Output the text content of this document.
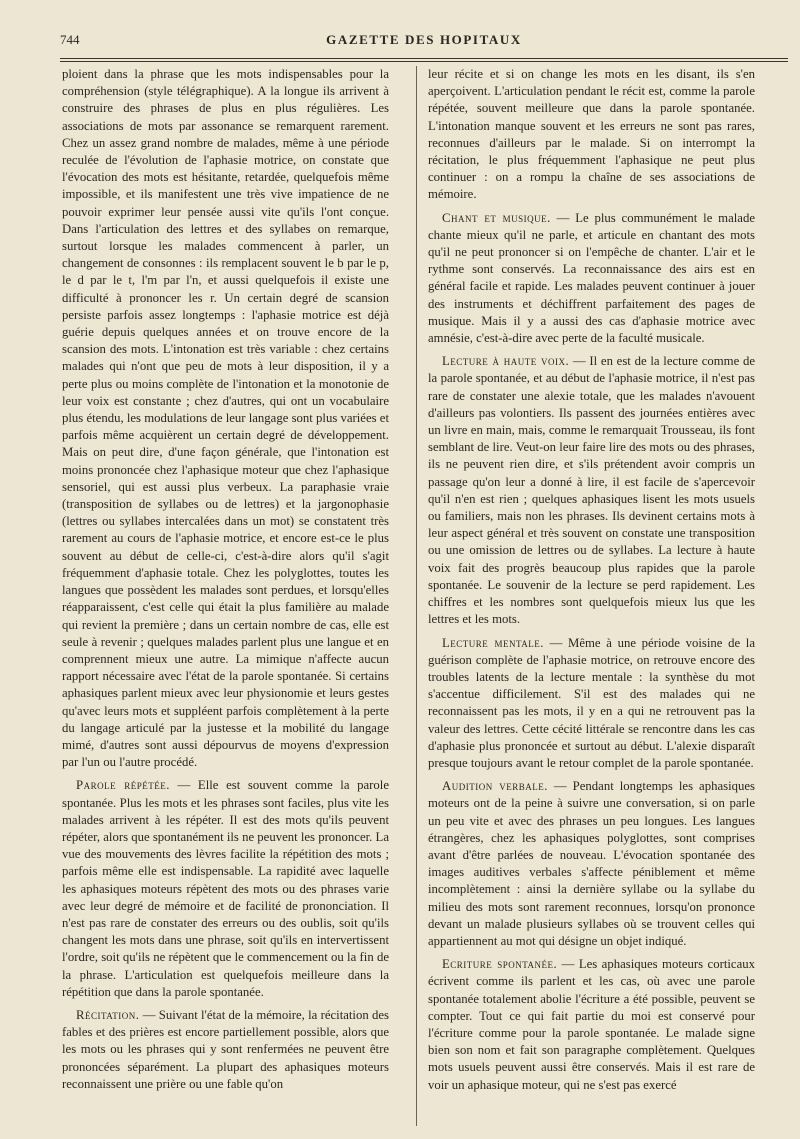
744	GAZETTE DES HOPITAUX

ploient dans la phrase que les mots indispensables pour la compréhension (style télégraphique). A la longue ils arrivent à construire des phrases de plus en plus régulières. Les associations de mots par assonance se remarquent rarement. Chez un assez grand nombre de malades, même à une période reculée de l'évolution de l'aphasie motrice, on constate que l'évocation des mots est hésitante, retardée, quelquefois même impossible, et ils manifestent une très vive impatience de ne pouvoir exprimer leur pensée aussi vite qu'ils l'ont conçue. Dans l'articulation des lettres et des syllabes on remarque, surtout lorsque les malades commencent à parler, un changement de consonnes : ils remplacent souvent le b par le p, le d par le t, l'm par l'n, et aussi quelquefois il existe une difficulté à prononcer les r. Un certain degré de scansion persiste parfois assez longtemps : l'aphasie motrice est déjà guérie depuis quelques années et on trouve encore de la scansion des mots. L'intonation est très variable : chez certains malades qui n'ont que peu de mots à leur disposition, il y a perte plus ou moins complète de l'intonation et la monotonie de leur voix est constante ; chez d'autres, qui ont un vocabulaire plus étendu, les modulations de leur langage sont plus variées et parfois même acquièrent un certain degré de développement. Mais on peut dire, d'une façon générale, que l'intonation est moins prononcée chez l'aphasique moteur que chez l'aphasique sensoriel, qui est aussi plus verbeux. La paraphasie vraie (transposition de syllabes ou de lettres) et la jargonophasie (lettres ou syllabes intercalées dans un mot) se constatent très rarement au cours de l'aphasie motrice, et encore est-ce le plus souvent au début de celle-ci, c'est-à-dire alors qu'il s'agit fréquemment d'aphasie totale. Chez les polyglottes, toutes les langues que possèdent les malades sont perdues, et lorsqu'elles réapparaissent, c'est celle qui était la plus familière au malade qui revient la première ; dans un certain nombre de cas, elle est seule à revenir ; quelques malades parlent plus une langue et en comprennent mieux une autre. La mimique n'affecte aucun rapport nécessaire avec l'état de la parole spontanée. Si certains aphasiques parlent mieux avec leur physionomie et leurs gestes qu'avec leurs mots et suppléent parfois complètement à la perte du langage articulé par la justesse et la mobilité du langage mimé, d'autres sont aussi dépourvus de moyens d'expression par l'un ou l'autre procédé.

Parole répétée. — Elle est souvent comme la parole spontanée. Plus les mots et les phrases sont faciles, plus vite les malades arrivent à les répéter. Il est des mots qu'ils peuvent répéter, alors que spontanément ils ne peuvent les prononcer. La vue des mouvements des lèvres facilite la répétition des mots ; parfois même elle est indispensable. La rapidité avec laquelle les aphasiques moteurs répètent des mots ou des phrases varie avec leur degré de mémoire et de facilité de prononciation. Il n'est pas rare de constater des erreurs ou des oublis, soit qu'ils changent les mots dans une phrase, soit qu'ils en intervertissent l'ordre, soit qu'ils ne répètent que le commencement ou la fin de la phrase. L'articulation est quelquefois meilleure dans la répétition que dans la parole spontanée.

Récitation. — Suivant l'état de la mémoire, la récitation des fables et des prières est encore partiellement possible, alors que les mots ou les phrases qui y sont renfermées ne peuvent être prononcées séparément. La plupart des aphasiques moteurs reconnaissent une prière ou une fable qu'on

leur récite et si on change les mots en les disant, ils s'en aperçoivent. L'articulation pendant le récit est, comme la parole répétée, souvent meilleure que dans la parole spontanée. L'intonation manque souvent et les erreurs ne sont pas rares, reconnues d'ailleurs par le malade. Si on interrompt la récitation, le plus fréquemment l'aphasique ne peut plus continuer : on a rompu la chaîne de ses associations de mémoire.

Chant et musique. — Le plus communément le malade chante mieux qu'il ne parle, et articule en chantant des mots qu'il ne peut prononcer si on l'empêche de chanter. L'air et le rythme sont conservés. La reconnaissance des airs est en général facile et rapide. Les malades peuvent continuer à jouer des instruments et déchiffrent parfaitement des pages de musique. Mais il y a aussi des cas d'aphasie motrice avec amnésie, c'est-à-dire avec perte de la faculté musicale.

Lecture à haute voix. — Il en est de la lecture comme de la parole spontanée, et au début de l'aphasie motrice, il n'est pas rare de constater une alexie totale, que les malades n'avouent d'ailleurs pas volontiers. Ils passent des journées entières avec un livre en main, mais, comme le remarquait Trousseau, ils font semblant de lire. Veut-on leur faire lire des mots ou des phrases, ils ne peuvent rien dire, et s'ils prétendent avoir compris un passage qu'on leur a donné à lire, il est facile de s'apercevoir qu'il n'en est rien ; quelques aphasiques lisent les mots usuels ou familiers, mais non les phrases. Ils devinent certains mots à leur aspect général et très souvent on constate une transposition ou une omission de lettres ou de syllabes. La lecture à haute voix fait des progrès beaucoup plus rapides que la parole spontanée. Le souvenir de la lecture se perd rapidement. Les chiffres et les nombres sont quelquefois mieux lus que les lettres et les mots.

Lecture mentale. — Même à une période voisine de la guérison complète de l'aphasie motrice, on retrouve encore des troubles latents de la lecture mentale : la synthèse du mot s'accentue difficilement. S'il est des malades qui ne reconnaissent pas les mots, il y en a qui ne retrouvent pas la valeur des lettres. Cette cécité littérale se rencontre dans les cas d'aphasie plus prononcée et surtout au début. L'alexie disparaît presque toujours avant le retour complet de la parole spontanée.

Audition verbale. — Pendant longtemps les aphasiques moteurs ont de la peine à suivre une conversation, si on parle un peu vite et avec des phrases un peu longues. Les langues étrangères, chez les aphasiques polyglottes, sont comprises avant d'être parlées de nouveau. L'évocation spontanée des images auditives verbales s'affecte péniblement et même incomplètement : ainsi la dernière syllabe ou la syllabe du milieu des mots sont rarement reconnues, lorsqu'on prononce devant un malade plusieurs syllabes où se trouvent celles qui appartiennent au mot qui désigne un objet indiqué.

Ecriture spontanée. — Les aphasiques moteurs corticaux écrivent comme ils parlent et les cas, où avec une parole spontanée totalement abolie l'écriture a été possible, peuvent se compter. Tout ce qui fait partie du moi est conservé pour l'écriture comme pour la parole spontanée. Le malade signe bien son nom et fait son paragraphe complètement. Quelques mots usuels peuvent aussi être conservés. Mais il est rare de voir un aphasique moteur, qui ne s'est pas exercé
